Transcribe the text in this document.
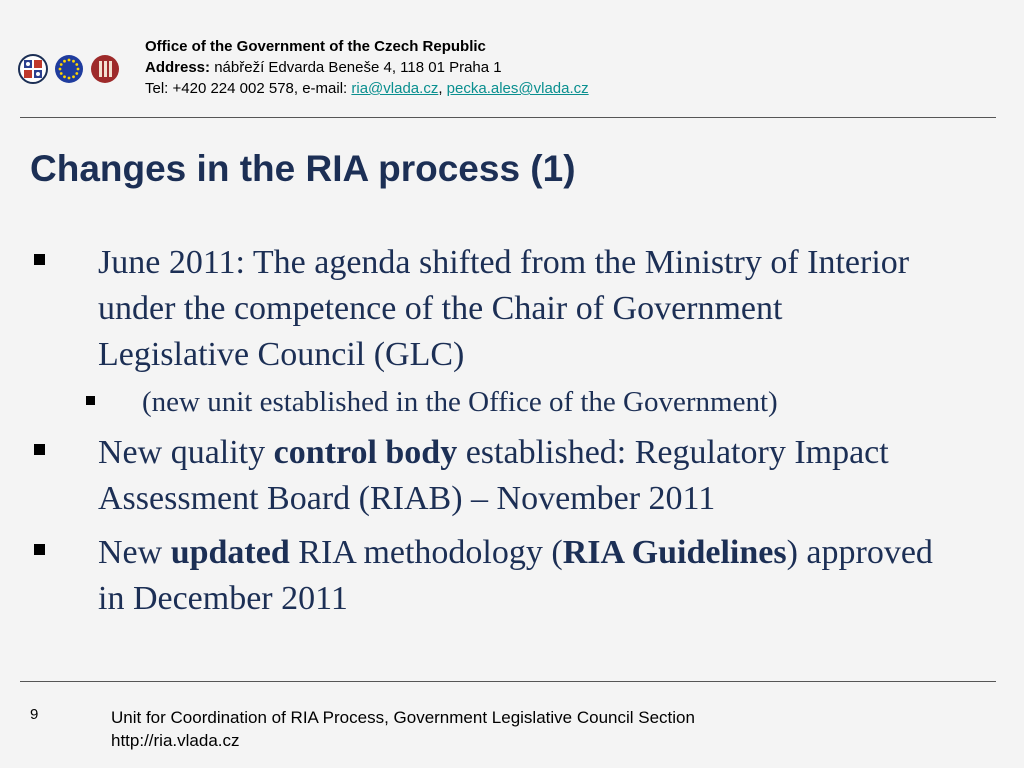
Office of the Government of the Czech Republic
Address: nábřeží Edvarda Beneše 4, 118 01 Praha 1
Tel: +420 224 002 578, e-mail: ria@vlada.cz, pecka.ales@vlada.cz
Changes in the RIA process (1)
June 2011: The agenda shifted from the Ministry of Interior under the competence of the Chair of Government Legislative Council (GLC)
(new unit established in the Office of the Government)
New quality control body established: Regulatory Impact Assessment Board (RIAB) – November 2011
New updated RIA methodology (RIA Guidelines) approved in December 2011
9	Unit for Coordination of RIA Process, Government Legislative Council Section
http://ria.vlada.cz
